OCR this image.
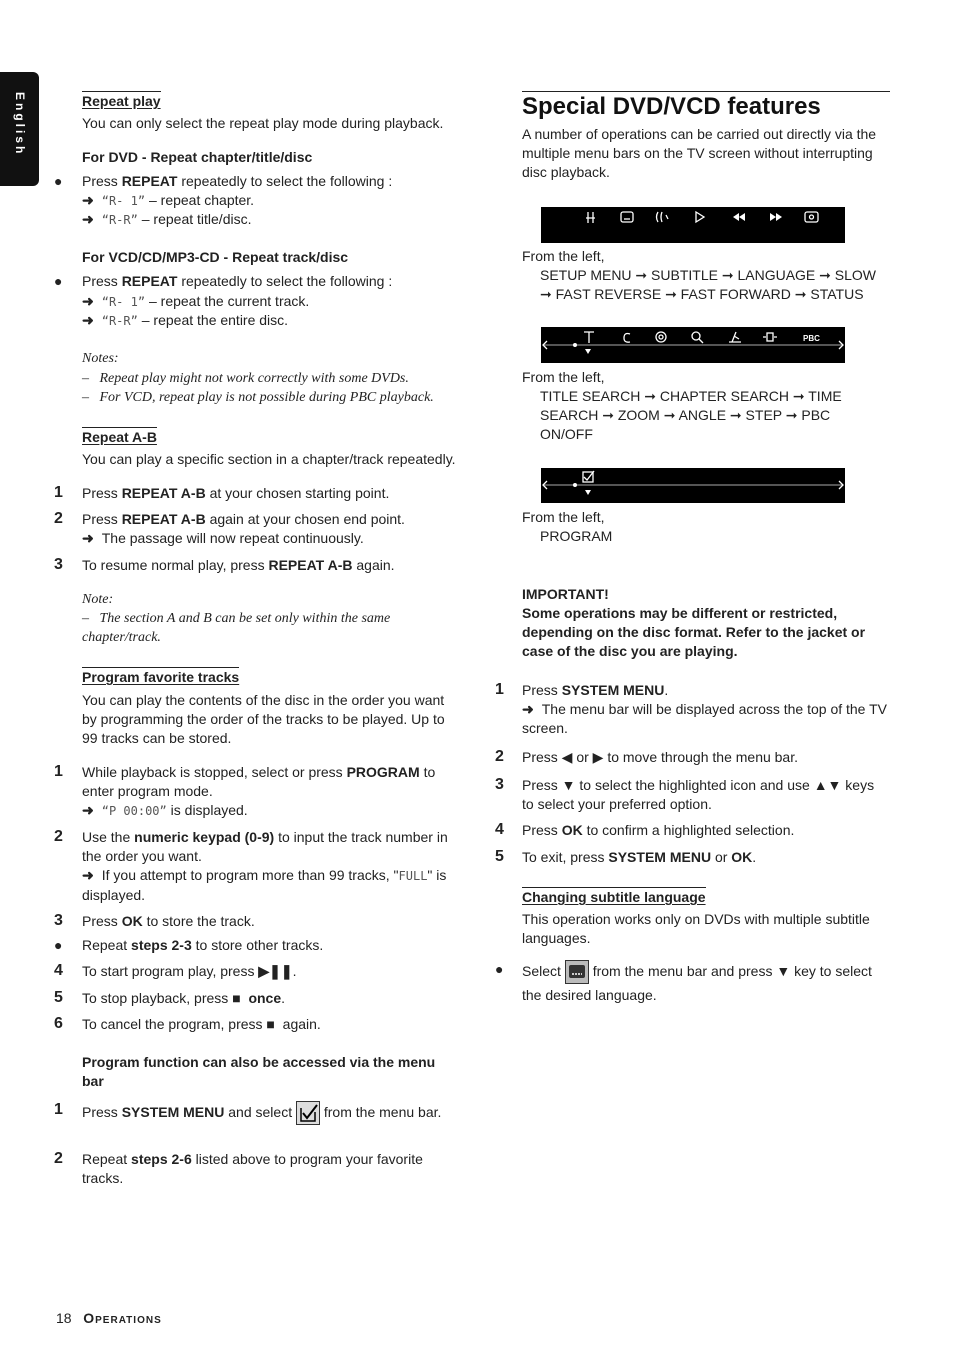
English	Repeat play

You can only select the repeat play mode during playback.

For DVD - Repeat chapter/title/disc

● Press REPEAT repeatedly to select the following :

➜ “R- 1” – repeat chapter.

➜ “R-R” – repeat title/disc.

For VCD/CD/MP3-CD - Repeat track/disc

● Press REPEAT repeatedly to select the following :

➜ “R- 1” – repeat the current track.

➜ “R-R” – repeat the entire disc.

Notes:

–   Repeat play might not work correctly with some DVDs.

–   For VCD, repeat play is not possible during PBC playback.

Repeat A-B

You can play a specific section in a chapter/track repeatedly.

1 Press REPEAT A-B at your chosen starting point.

2 Press REPEAT A-B again at your chosen end point.

➜ The passage will now repeat continuously.

3 To resume normal play, press REPEAT A-B again.

Note:

–   The section A and B can be set only within the same chapter/track.

Program favorite tracks

You can play the contents of the disc in the order you want by programming the order of the tracks to be played. Up to 99 tracks can be stored.

1 While playback is stopped, select or press PROGRAM to enter program mode.

➜ “P 00:00” is displayed.

2 Use the numeric keypad (0-9) to input the track number in the order you want.

➜ If you attempt to program more than 99 tracks, "FULL" is displayed.

3 Press OK to store the track.

● Repeat steps 2-3 to store other tracks.

4 To start program play, press ▶❚❚.

5 To stop playback, press ■ once.

6 To cancel the program, press ■ again.

Program function can also be accessed via the menu bar

1 Press SYSTEM MENU and select from the menu bar.

2 Repeat steps 2-6 listed above to program your favorite tracks.

Special DVD/VCD features

A number of operations can be carried out directly via the multiple menu bars on the TV screen without interrupting disc playback.

From the left,

SETUP MENU ➞ SUBTITLE ➞ LANGUAGE ➞ SLOW ➞ FAST REVERSE ➞ FAST FORWARD ➞ STATUS

PBC

From the left,

TITLE SEARCH ➞ CHAPTER SEARCH ➞ TIME SEARCH ➞ ZOOM ➞ ANGLE ➞ STEP ➞ PBC ON/OFF

From the left,

PROGRAM

IMPORTANT!

Some operations may be different or restricted, depending on the disc format. Refer to the jacket or case of the disc you are playing.

1 Press SYSTEM MENU.

➜ The menu bar will be displayed across the top of the TV screen.

2 Press ◀ or ▶ to move through the menu bar.

3 Press ▼ to select the highlighted icon and use ▲▼ keys to select your preferred option.

4 Press OK to confirm a highlighted selection.

5 To exit, press SYSTEM MENU or OK.

Changing subtitle language

This operation works only on DVDs with multiple subtitle languages.

● Select from the menu bar and press ▼ key to select the desired language.

18 Operations
